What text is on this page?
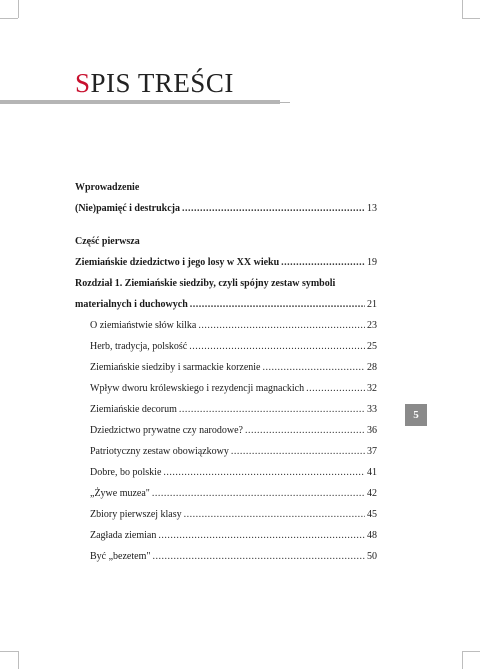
SPIS TREŚCI
Wprowadzenie
(Nie)pamięć i destrukcja .....	13
Część pierwsza
Ziemiańskie dziedzictwo i jego losy w XX wieku .....	19
Rozdział 1. Ziemiańskie siedziby, czyli spójny zestaw symboli
materialnych i duchowych .....	21
O ziemiaństwie słów kilka .....	23
Herb, tradycja, polskość .....	25
Ziemiańskie siedziby i sarmackie korzenie .....	28
Wpływ dworu królewskiego i rezydencji magnackich .....	32
Ziemiańskie decorum .....	33
Dziedzictwo prywatne czy narodowe? .....	36
Patriotyczny zestaw obowiązkowy .....	37
Dobre, bo polskie .....	41
„Żywe muzea" .....	42
Zbiory pierwszej klasy .....	45
Zagłada ziemian .....	48
Być „bezetem" .....	50
5
